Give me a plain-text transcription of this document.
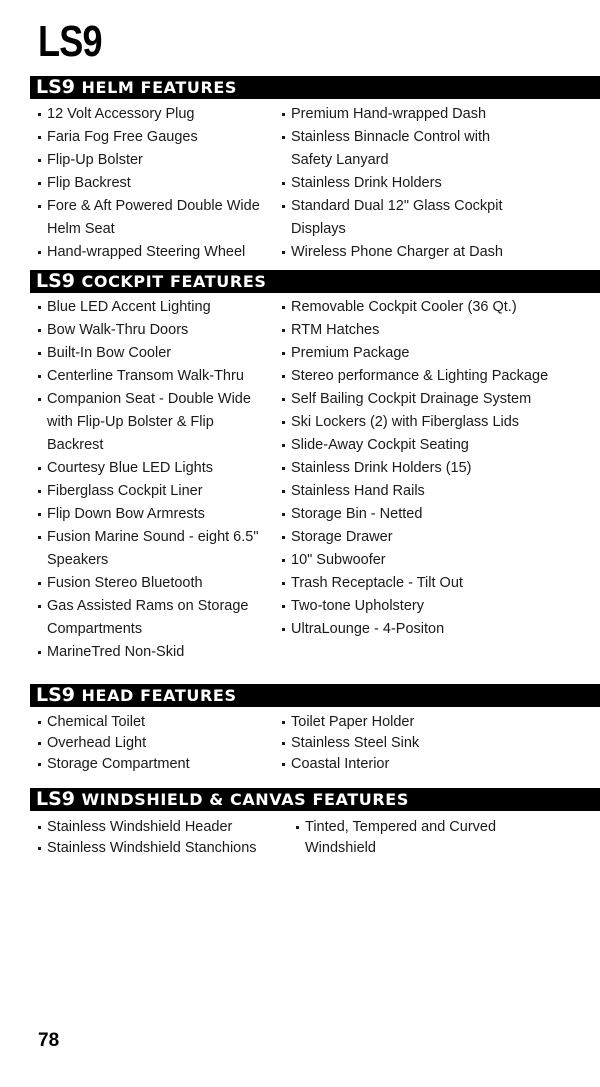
LS9
LS9 HELM FEATURES
12 Volt Accessory Plug
Faria Fog Free Gauges
Flip-Up Bolster
Flip Backrest
Fore & Aft Powered Double Wide Helm Seat
Hand-wrapped Steering Wheel
Premium Hand-wrapped Dash
Stainless Binnacle Control with Safety Lanyard
Stainless Drink Holders
Standard Dual 12" Glass Cockpit Displays
Wireless Phone Charger at Dash
LS9 COCKPIT FEATURES
Blue LED Accent Lighting
Bow Walk-Thru Doors
Built-In Bow Cooler
Centerline Transom Walk-Thru
Companion Seat - Double Wide with Flip-Up Bolster & Flip Backrest
Courtesy Blue LED Lights
Fiberglass Cockpit Liner
Flip Down Bow Armrests
Fusion Marine Sound - eight 6.5" Speakers
Fusion Stereo Bluetooth
Gas Assisted Rams on Storage Compartments
MarineTred Non-Skid
Removable Cockpit Cooler (36 Qt.)
RTM Hatches
Premium Package
Stereo performance & Lighting Package
Self Bailing Cockpit Drainage System
Ski Lockers (2) with Fiberglass Lids
Slide-Away Cockpit Seating
Stainless Drink Holders (15)
Stainless Hand Rails
Storage Bin - Netted
Storage Drawer
10" Subwoofer
Trash Receptacle - Tilt Out
Two-tone Upholstery
UltraLounge - 4-Positon
LS9 HEAD FEATURES
Chemical Toilet
Overhead Light
Storage Compartment
Toilet Paper Holder
Stainless Steel Sink
Coastal Interior
LS9 WINDSHIELD & CANVAS FEATURES
Stainless Windshield Header
Stainless Windshield Stanchions
Tinted, Tempered and Curved Windshield
78
